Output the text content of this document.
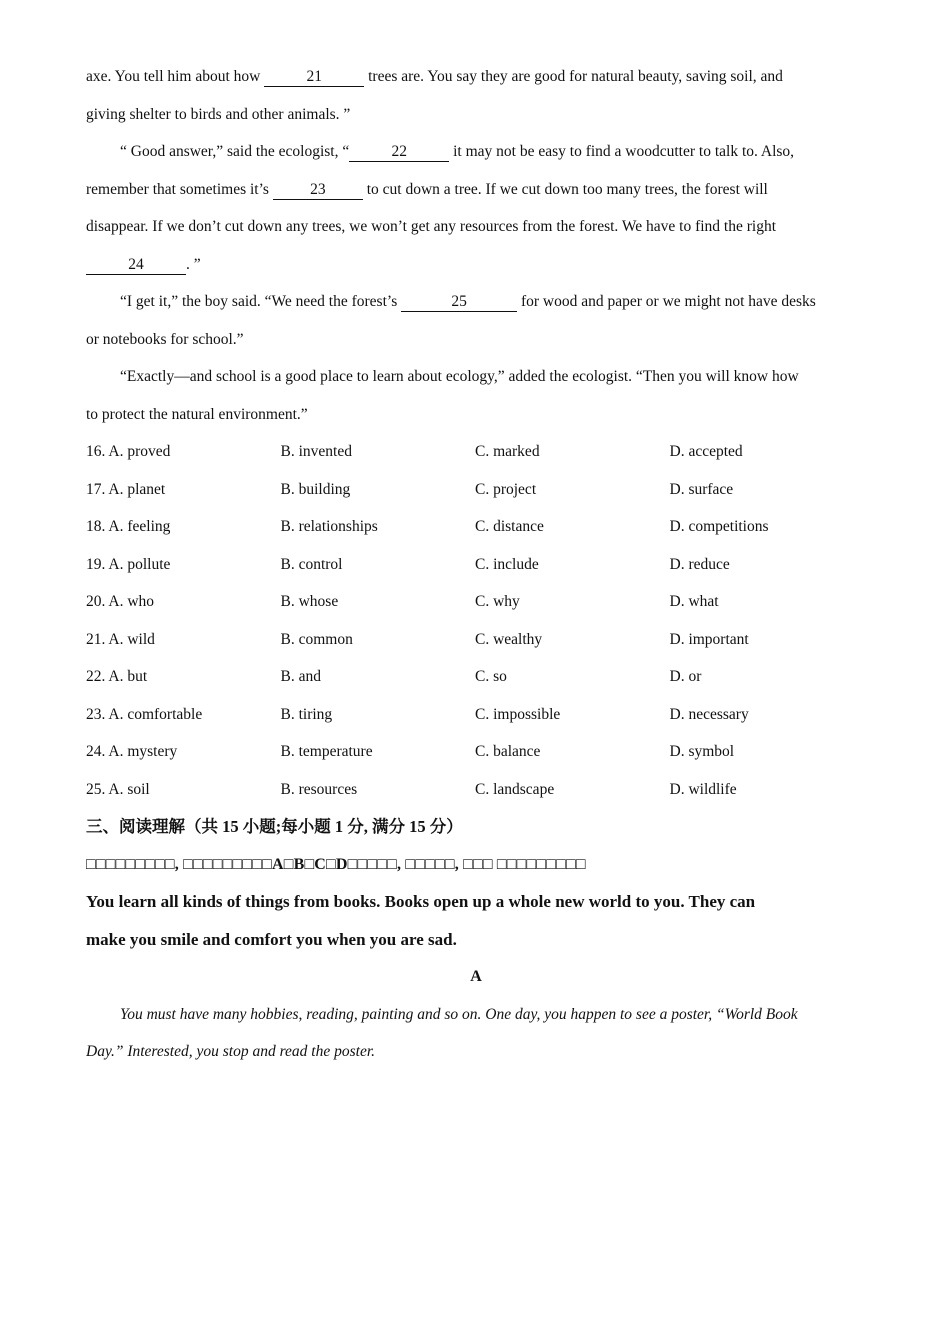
axe. You tell him about how	21	trees are. You say they are good for natural beauty, saving soil, and
giving shelter to birds and other animals. ”
“ Good answer,” said the ecologist, “	22	it may not be easy to find a woodcutter to talk to. Also,
remember that sometimes it’s	23	to cut down a tree. If we cut down too many trees, the forest will
disappear. If we don’t cut down any trees, we won’t get any resources from the forest. We have to find the right
24	. ”
“I get it,” the boy said. “We need the forest’s	25	for wood and paper or we might not have desks
or notebooks for school.”
“Exactly—and school is a good place to learn about ecology,” added the ecologist. “Then you will know how
to protect the natural environment.”
16. A. proved	B. invented	C. marked	D. accepted
17. A. planet	B. building	C. project	D. surface
18. A. feeling	B. relationships	C. distance	D. competitions
19. A. pollute	B. control	C. include	D. reduce
20. A. who	B. whose	C. why	D. what
21. A. wild	B. common	C. wealthy	D. important
22. A. but	B. and	C. so	D. or
23. A. comfortable	B. tiring	C. impossible	D. necessary
24. A. mystery	B. temperature	C. balance	D. symbol
25. A. soil	B. resources	C. landscape	D. wildlife
三、阅读理解（共 15 小题;每小题 1 分, 满分 15 分）
□□□□□□□□□, □□□□□□□□□A□B□C□D□□□□□, □□□□□, □□□ □□□□□□□□□
You learn all kinds of things from books. Books open up a whole new world to you. They can
make you smile and comfort you when you are sad.
A
You must have many hobbies, reading, painting and so on. One day, you happen to see a poster, “World Book
Day.” Interested, you stop and read the poster.
